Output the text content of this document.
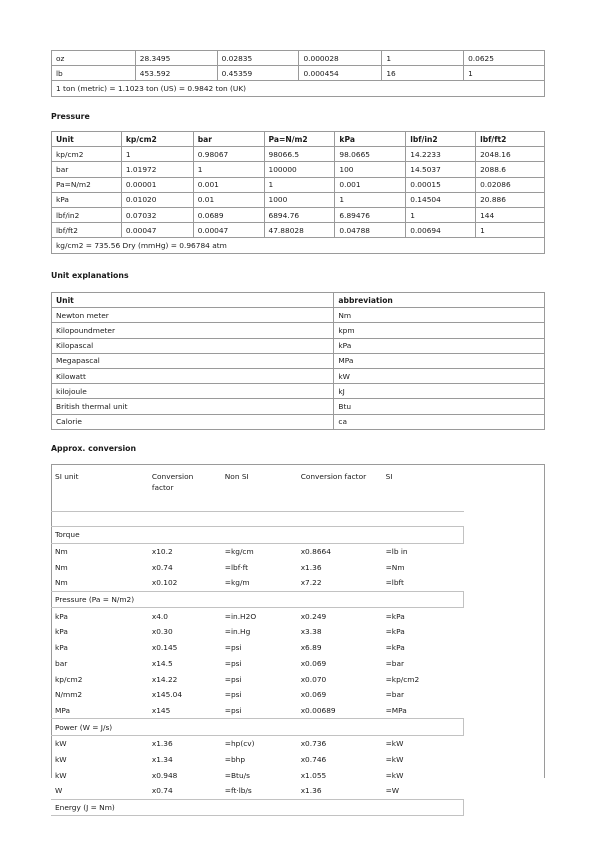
oz	28.3495	0.02835	0.000028	1	0.0625
lb	453.592	0.45359	0.000454	16	1
1 ton (metric) = 1.1023 ton (US) = 0.9842 ton (UK)					
Pressure
Unit	kp/cm2	bar	Pa=N/m2	kPa	lbf/in2	lbf/ft2
kp/cm2	1	0.98067	98066.5	98.0665	14.2233	2048.16
bar	1.01972	1	100000	100	14.5037	2088.6
Pa=N/m2	0.00001	0.001	1	0.001	0.00015	0.02086
kPa	0.01020	0.01	1000	1	0.14504	20.886
lbf/in2	0.07032	0.0689	6894.76	6.89476	1	144
lbf/ft2	0.00047	0.00047	47.88028	0.04788	0.00694	1
kg/cm2 = 735.56 Dry (mmHg) = 0.96784 atm						
Unit explanations
Unit	abbreviation
Newton meter	Nm
Kilopoundmeter	kpm
Kilopascal	kPa
Megapascal	MPa
Kilowatt	kW
kilojoule	kJ
British thermal unit	Btu
Calorie	ca
Approx. conversion
SI unit	Conversion factor	Non SI	Conversion factor	SI

Torque				
Nm	x10.2	=kg/cm	x0.8664	=lb in
Nm	x0.74	=lbf·ft	x1.36	=Nm
Nm	x0.102	=kg/m	x7.22	=lbft
Pressure (Pa = N/m2)				
kPa	x4.0	=in.H2O	x0.249	=kPa
kPa	x0.30	=in.Hg	x3.38	=kPa
kPa	x0.145	=psi	x6.89	=kPa
bar	x14.5	=psi	x0.069	=bar
kp/cm2	x14.22	=psi	x0.070	=kp/cm2
N/mm2	x145.04	=psi	x0.069	=bar
MPa	x145	=psi	x0.00689	=MPa
Power (W = J/s)				
kW	x1.36	=hp(cv)	x0.736	=kW
kW	x1.34	=bhp	x0.746	=kW
kW	x0.948	=Btu/s	x1.055	=kW
W	x0.74	=ft·lb/s	x1.36	=W
Energy (J = Nm)				
